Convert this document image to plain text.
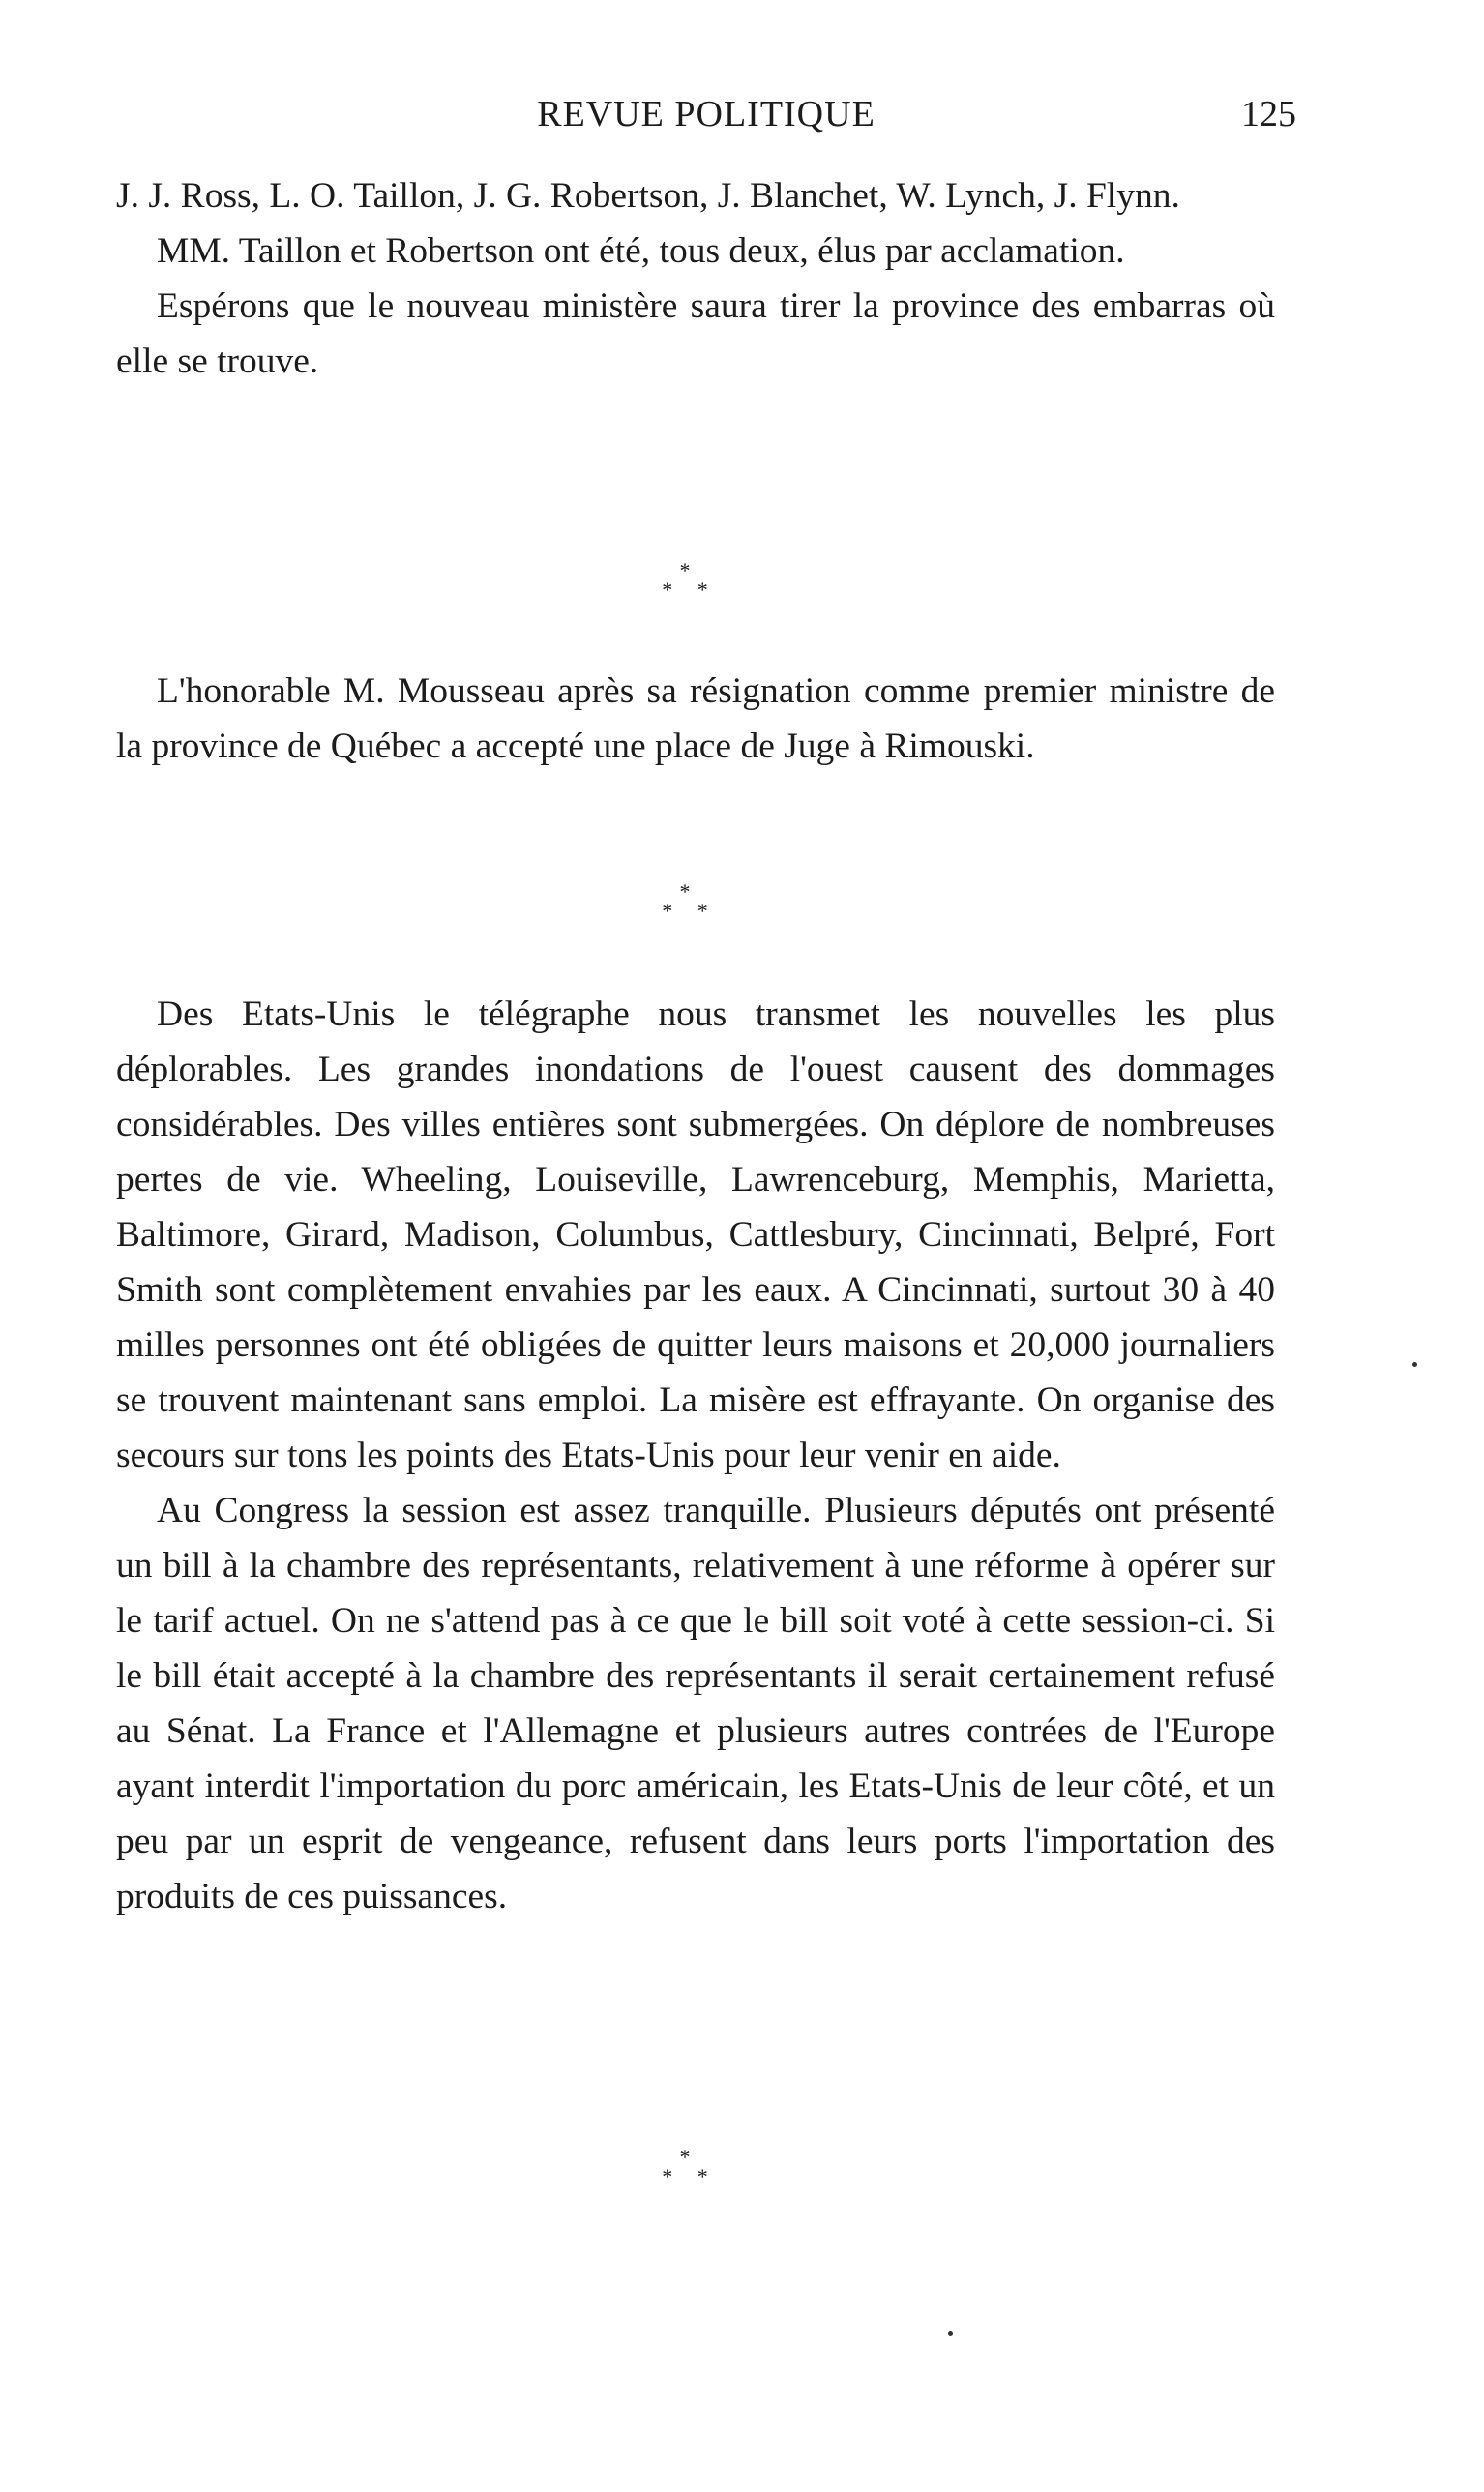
REVUE POLITIQUE	125

J. J. Ross, L. O. Taillon, J. G. Robertson, J. Blanchet, W. Lynch, J. Flynn.

MM. Taillon et Robertson ont été, tous deux, élus par acclamation.

Espérons que le nouveau ministère saura tirer la province des embarras où elle se trouve.

*
* *

L'honorable M. Mousseau après sa résignation comme premier ministre de la province de Québec a accepté une place de Juge à Rimouski.

*
* *

Des Etats-Unis le télégraphe nous transmet les nouvelles les plus déplorables. Les grandes inondations de l'ouest causent des dommages considérables. Des villes entières sont submergées. On déplore de nombreuses pertes de vie. Wheeling, Louiseville, Lawrenceburg, Memphis, Marietta, Baltimore, Girard, Madison, Columbus, Cattlesbury, Cincinnati, Belpré, Fort Smith sont complètement envahies par les eaux. A Cincinnati, surtout 30 à 40 milles personnes ont été obligées de quitter leurs maisons et 20,000 journaliers se trouvent maintenant sans emploi. La misère est effrayante. On organise des secours sur tons les points des Etats-Unis pour leur venir en aide.

Au Congress la session est assez tranquille. Plusieurs députés ont présenté un bill à la chambre des représentants, relativement à une réforme à opérer sur le tarif actuel. On ne s'attend pas à ce que le bill soit voté à cette session-ci. Si le bill était accepté à la chambre des représentants il serait certainement refusé au Sénat. La France et l'Allemagne et plusieurs autres contrées de l'Europe ayant interdit l'importation du porc américain, les Etats-Unis de leur côté, et un peu par un esprit de vengeance, refusent dans leurs ports l'importation des produits de ces puissances.

*
* *
